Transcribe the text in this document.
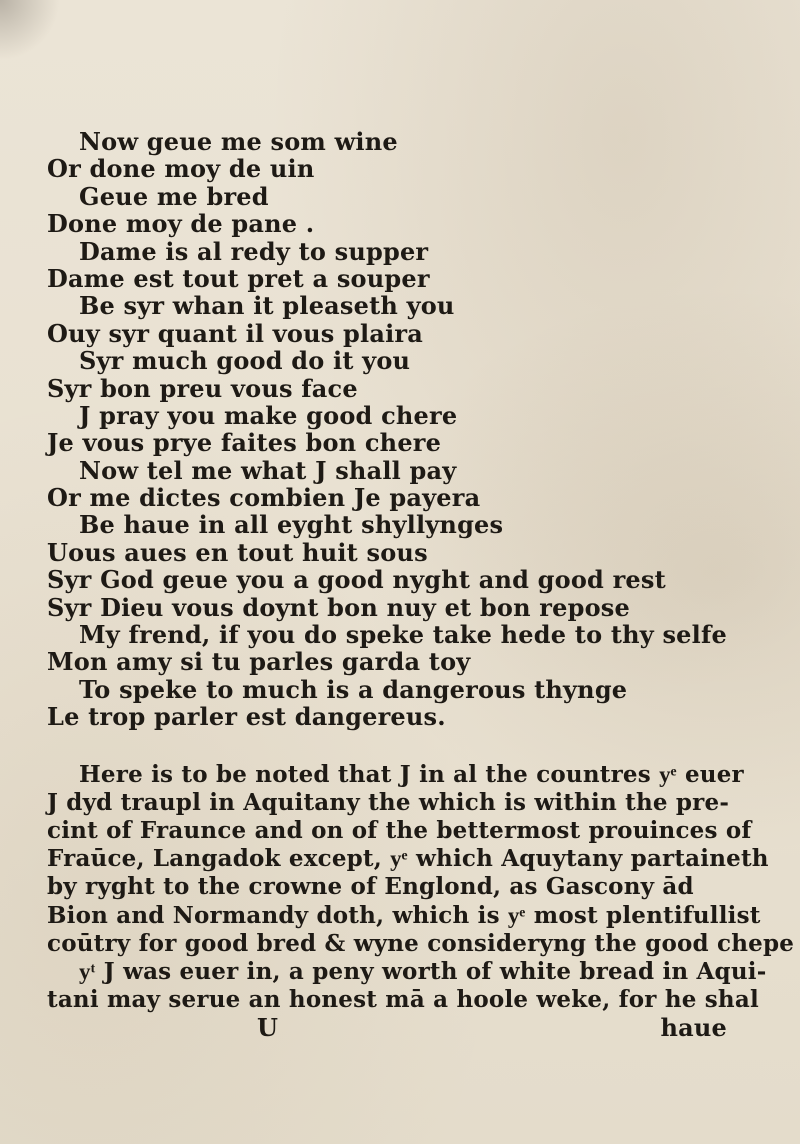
Now geue me som wine
Or done moy de uin
Geue me bred
Done moy de pane .
Dame is al redy to supper
Dame est tout pret a souper
Be syr whan it pleaseth you
Ouy syr quant il vous plaira
Syr much good do it you
Syr bon preu vous face
J pray you make good chere
Je vous prye faites bon chere
Now tel me what J shall pay
Or me dictes combien Je payera
Be haue in all eyght shyllynges
Uous aues en tout huit sous
Syr God geue you a good nyght and good rest
Syr Dieu vous doynt bon nuy et bon repose
My frend, if you do speke take hede to thy selfe
Mon amy si tu parles garda toy
To speke to much is a dangerous thynge
Le trop parler est dangereus.
Here is to be noted that J in al the countres yͤ euer
J dyd traupl in Aquitany the which is within the pre-
cint of Fraunce and on of the bettermost prouinces of
Fraūce, Langadok except, yͤ which Aquytany partaineth
by ryght to the crowne of Englond, as Gascony ād
Bion and Normandy doth, which is yͤ most plentifullist
coūtry for good bred & wyne consideryng the good chepe
yͭ J was euer in, a peny worth of white bread in Aqui-
tani may serue an honest mā a hoole weke, for he shal
U	haue
